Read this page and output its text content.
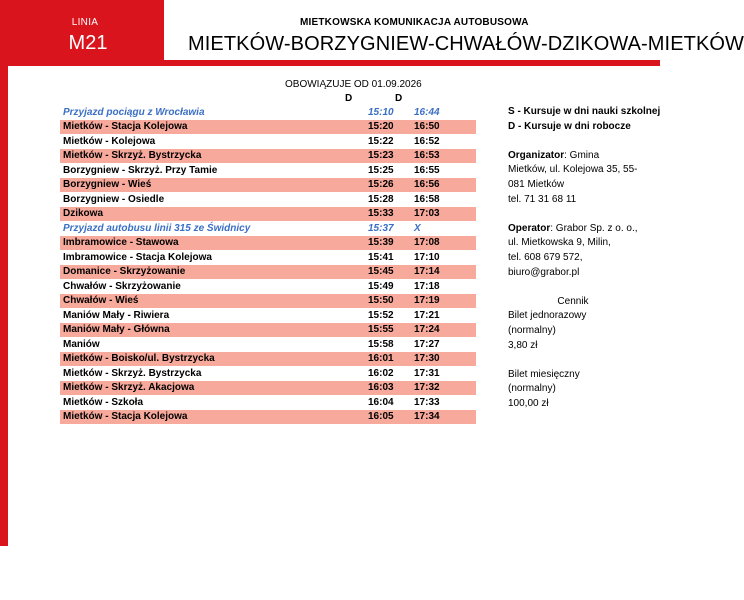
LINIA
M21
MIETKOWSKA KOMUNIKACJA AUTOBUSOWA
MIETKÓW-BORZYGNIEW-CHWAŁÓW-DZIKOWA-MIETKÓW
OBOWIĄZUJE OD 01.09.2026
D	D
Przyjazd pociągu z Wrocławia	15:10	16:44
Mietków - Stacja Kolejowa	15:20	16:50
Mietków - Kolejowa	15:22	16:52
Mietków - Skrzyż. Bystrzycka	15:23	16:53
Borzygniew - Skrzyż. Przy Tamie	15:25	16:55
Borzygniew - Wieś	15:26	16:56
Borzygniew - Osiedle	15:28	16:58
Dzikowa	15:33	17:03
Przyjazd autobusu linii 315 ze Świdnicy	15:37	X
Imbramowice - Stawowa	15:39	17:08
Imbramowice - Stacja Kolejowa	15:41	17:10
Domanice - Skrzyżowanie	15:45	17:14
Chwałów - Skrzyżowanie	15:49	17:18
Chwałów - Wieś	15:50	17:19
Maniów Mały - Riwiera	15:52	17:21
Maniów Mały - Główna	15:55	17:24
Maniów	15:58	17:27
Mietków - Boisko/ul. Bystrzycka	16:01	17:30
Mietków - Skrzyż. Bystrzycka	16:02	17:31
Mietków - Skrzyż. Akacjowa	16:03	17:32
Mietków - Szkoła	16:04	17:33
Mietków - Stacja Kolejowa	16:05	17:34

S - Kursuje w dni nauki szkolnej

D - Kursuje w dni robocze

Organizator: Gmina

Mietków, ul. Kolejowa 35, 55-

081 Mietków

tel. 71 31 68 11

Operator: Grabor Sp. z o. o.,

ul. Mietkowska 9, Milin,

tel. 608 679 572,

biuro@grabor.pl

Cennik

Bilet jednorazowy

(normalny)

3,80 zł

Bilet miesięczny

(normalny)

100,00 zł
